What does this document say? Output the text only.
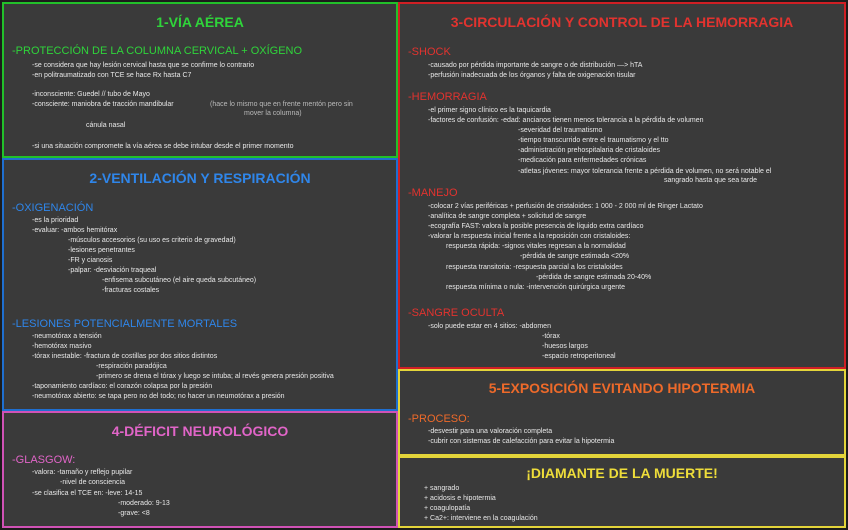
1-VÍA AÉREA
-PROTECCIÓN DE LA COLUMNA CERVICAL + OXÍGENO
-se considera que hay lesión cervical hasta que se confirme lo contrario
-en politraumatizado con TCE se hace Rx hasta C7
-inconsciente: Guedel // tubo de Mayo
-consciente: maniobra de tracción mandibular	(hace lo mismo que en frente mentón pero sin
mover la columna)
cánula nasal
-si una situación compromete la vía aérea se debe intubar desde el primer momento
2-VENTILACIÓN Y RESPIRACIÓN
-OXIGENACIÓN
-es la prioridad
-evaluar: -ambos hemitórax
-músculos accesorios (su uso es criterio de gravedad)
-lesiones penetrantes
-FR y cianosis
-palpar: -desviación traqueal
-enfisema subcutáneo (el aire queda subcutáneo)
-fracturas costales
-LESIONES POTENCIALMENTE MORTALES
-neumotórax a tensión
-hemotórax masivo
-tórax inestable: -fractura de costillas por dos sitios distintos
-respiración paradójica
-primero se drena el tórax y luego se intuba; al revés genera presión positiva
-taponamiento cardíaco: el corazón colapsa por la presión
-neumotórax abierto: se tapa pero no del todo; no hacer un neumotórax a presión
4-DÉFICIT NEUROLÓGICO
-GLASGOW:
-valora: -tamaño y reflejo pupilar
-nivel de consciencia
-se clasifica el TCE en: -leve: 14-15
-moderado: 9-13
-grave: <8
3-CIRCULACIÓN Y CONTROL DE LA HEMORRAGIA
-SHOCK
-causado por pérdida importante de sangre o de distribución —> hTA
-perfusión inadecuada de los órganos y falta de oxigenación tisular
-HEMORRAGIA
-el primer signo clínico es la taquicardia
-factores de confusión: -edad: ancianos tienen menos tolerancia a la pérdida de volumen
-severidad del traumatismo
-tiempo transcurrido entre el traumatismo y el tto
-administración prehospitalaria de cristaloides
-medicación para enfermedades crónicas
-atletas jóvenes: mayor tolerancia frente a pérdida de volumen, no será notable el
sangrado hasta que sea tarde
-MANEJO
-colocar 2 vías periféricas + perfusión de cristaloides: 1 000 - 2 000 ml de Ringer Lactato
-analítica de sangre completa + solicitud de sangre
-ecografía FAST: valora la posible presencia de líquido extra cardíaco
-valorar la respuesta inicial frente a la reposición con cristaloides:
respuesta rápida: -signos vitales regresan a la normalidad
-pérdida de sangre estimada <20%
respuesta transitoria: -respuesta parcial a los cristaloides
-pérdida de sangre estimada 20-40%
respuesta mínima o nula: -intervención quirúrgica urgente
-SANGRE OCULTA
-solo puede estar en 4 sitios: -abdomen
-tórax
-huesos largos
-espacio retroperitoneal
5-EXPOSICIÓN EVITANDO HIPOTERMIA
-PROCESO:
-desvestir para una valoración completa
-cubrir con sistemas de calefacción para evitar la hipotermia
¡DIAMANTE DE LA MUERTE!
+ sangrado
+ acidosis e hipotermia
+ coagulopatía
+ Ca2+: interviene en la coagulación
